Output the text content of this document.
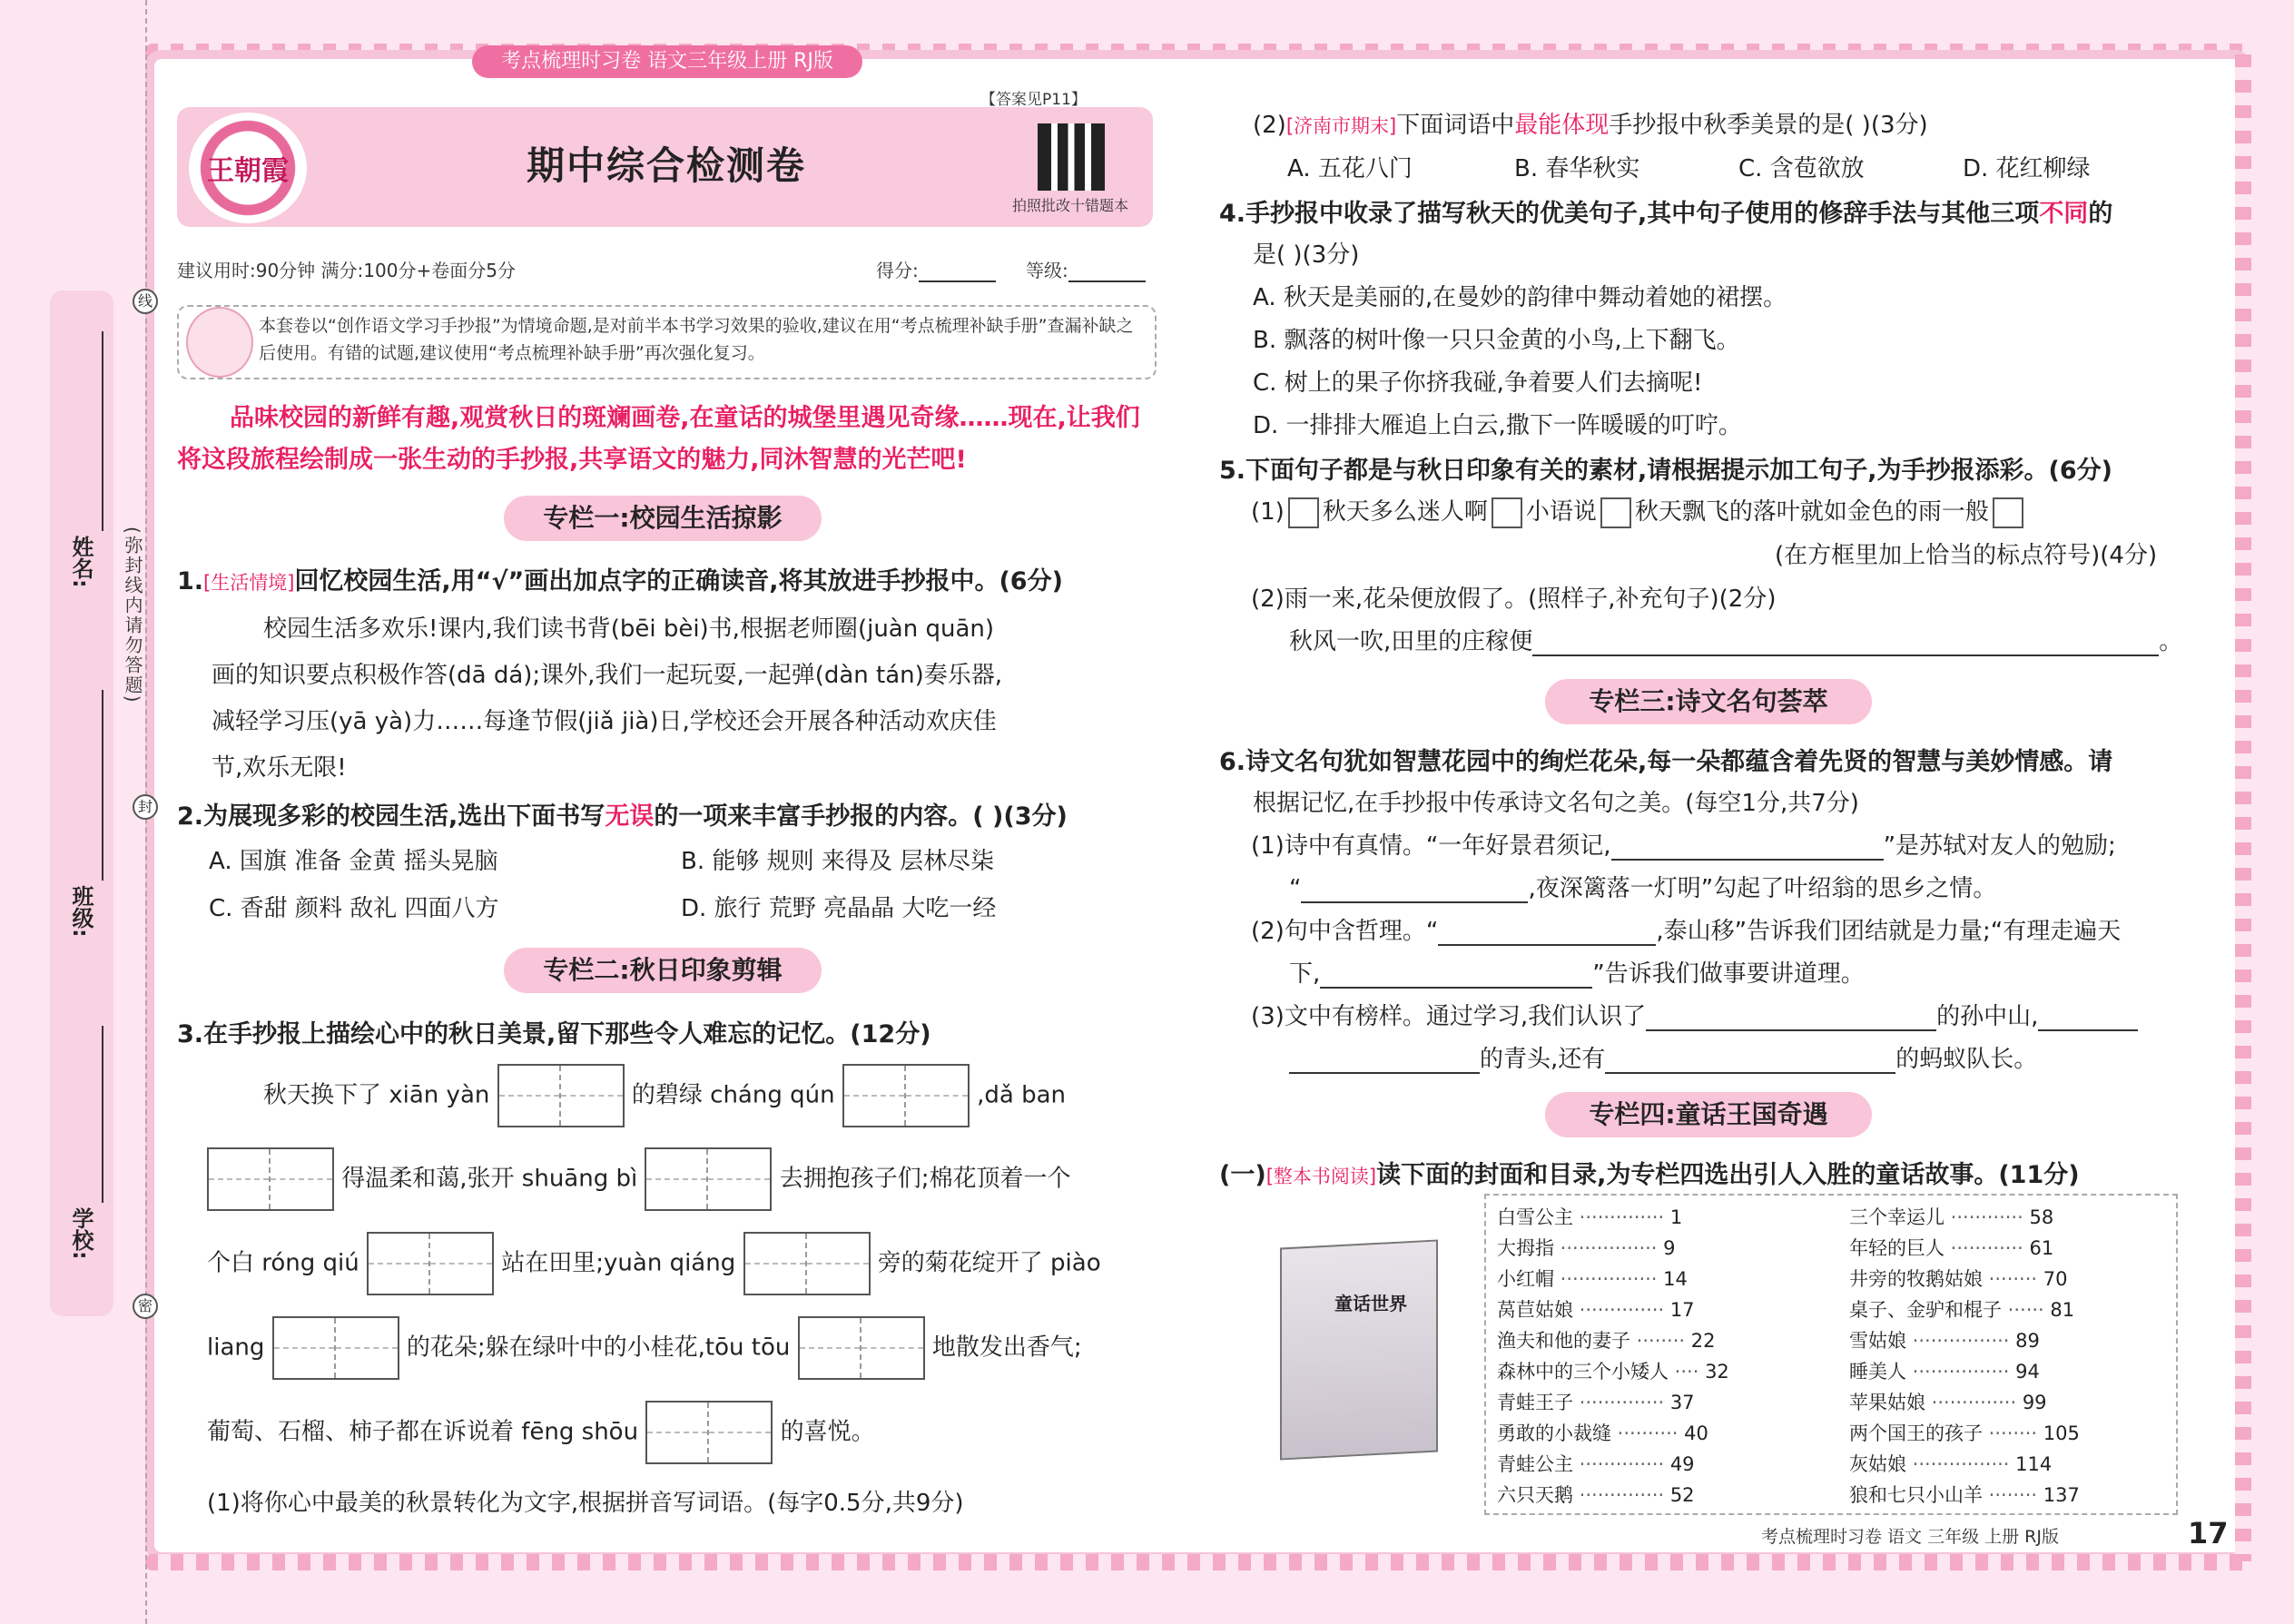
学校:
班级:
姓名: (弥封线内请勿答题)
线
封
密
考点梳理时习卷 语文三年级上册 RJ版
王朝霞	期中综合检测卷
【答案见P11】
拍照批改十错题本
建议用时:90分钟 满分:100分+卷面分5分	得分:	等级:
本套卷以“创作语文学习手抄报”为情境命题,是对前半本书学习效果的验收,建议在用“考点梳理补缺手册”查漏补缺之后使用。有错的试题,建议使用“考点梳理补缺手册”再次强化复习。
品味校园的新鲜有趣,观赏秋日的斑斓画卷,在童话的城堡里遇见奇缘……现在,让我们将这段旅程绘制成一张生动的手抄报,共享语文的魅力,同沐智慧的光芒吧!
专栏一:校园生活掠影
1.[生活情境]回忆校园生活,用“√”画出加点字的正确读音,将其放进手抄报中。(6分)
校园生活多欢乐!课内,我们读书背(bēi bèi)书,根据老师圈(juàn quān)
画的知识要点积极作答(dā dá);课外,我们一起玩耍,一起弹(dàn tán)奏乐器,
减轻学习压(yā yà)力……每逢节假(jiǎ jià)日,学校还会开展各种活动欢庆佳
节,欢乐无限!
2.为展现多彩的校园生活,选出下面书写无误的一项来丰富手抄报的内容。( )(3分)
A. 国旗 准备 金黄 摇头晃脑	B. 能够 规则 来得及 层林尽柒
C. 香甜 颜料 敌礼 四面八方	D. 旅行 荒野 亮晶晶 大吃一经
专栏二:秋日印象剪辑
3.在手抄报上描绘心中的秋日美景,留下那些令人难忘的记忆。(12分)
秋天换下了 xiān yàn	的碧绿 cháng qún	,dǎ ban
得温柔和蔼,张开 shuāng bì	去拥抱孩子们;棉花顶着一个
个白 róng qiú	站在田里;yuàn qiáng	旁的菊花绽开了 piào
liang	的花朵;躲在绿叶中的小桂花,tōu tōu	地散发出香气;
葡萄、石榴、柿子都在诉说着 fēng shōu	的喜悦。
(1)将你心中最美的秋景转化为文字,根据拼音写词语。(每字0.5分,共9分)
(2)[济南市期末]下面词语中最能体现手抄报中秋季美景的是( )(3分)
A. 五花八门	B. 春华秋实	C. 含苞欲放	D. 花红柳绿
4.手抄报中收录了描写秋天的优美句子,其中句子使用的修辞手法与其他三项不同的
是( )(3分)
A. 秋天是美丽的,在曼妙的韵律中舞动着她的裙摆。
B. 飘落的树叶像一只只金黄的小鸟,上下翻飞。
C. 树上的果子你挤我碰,争着要人们去摘呢!
D. 一排排大雁追上白云,撒下一阵暖暖的叮咛。
5.下面句子都是与秋日印象有关的素材,请根据提示加工句子,为手抄报添彩。(6分)
(1) 秋天多么迷人啊 小语说 秋天飘飞的落叶就如金色的雨一般
(在方框里加上恰当的标点符号)(4分)
(2)雨一来,花朵便放假了。(照样子,补充句子)(2分)
秋风一吹,田里的庄稼便	。
专栏三:诗文名句荟萃
6.诗文名句犹如智慧花园中的绚烂花朵,每一朵都蕴含着先贤的智慧与美妙情感。请
根据记忆,在手抄报中传承诗文名句之美。(每空1分,共7分)
(1)诗中有真情。“一年好景君须记,	”是苏轼对友人的勉励;
“	,夜深篱落一灯明”勾起了叶绍翁的思乡之情。
(2)句中含哲理。“	,泰山移”告诉我们团结就是力量;“有理走遍天
下,	”告诉我们做事要讲道理。
(3)文中有榜样。通过学习,我们认识了	的孙中山,
的青头,还有	的蚂蚁队长。
专栏四:童话王国奇遇
(一)[整本书阅读]读下面的封面和目录,为专栏四选出引人入胜的童话故事。(11分)
童话世界
白雪公主 ·············· 1
大拇指 ················ 9
小红帽 ················ 14
莴苣姑娘 ·············· 17
渔夫和他的妻子 ········ 22
森林中的三个小矮人 ···· 32
青蛙王子 ·············· 37
勇敢的小裁缝 ·········· 40
青蛙公主 ·············· 49
六只天鹅 ·············· 52
三个幸运儿 ············ 58
年轻的巨人 ············ 61
井旁的牧鹅姑娘 ········ 70
桌子、金驴和棍子 ······ 81
雪姑娘 ················ 89
睡美人 ················ 94
苹果姑娘 ·············· 99
两个国王的孩子 ········ 105
灰姑娘 ················ 114
狼和七只小山羊 ········ 137
考点梳理时习卷 语文 三年级 上册 RJ版	17
